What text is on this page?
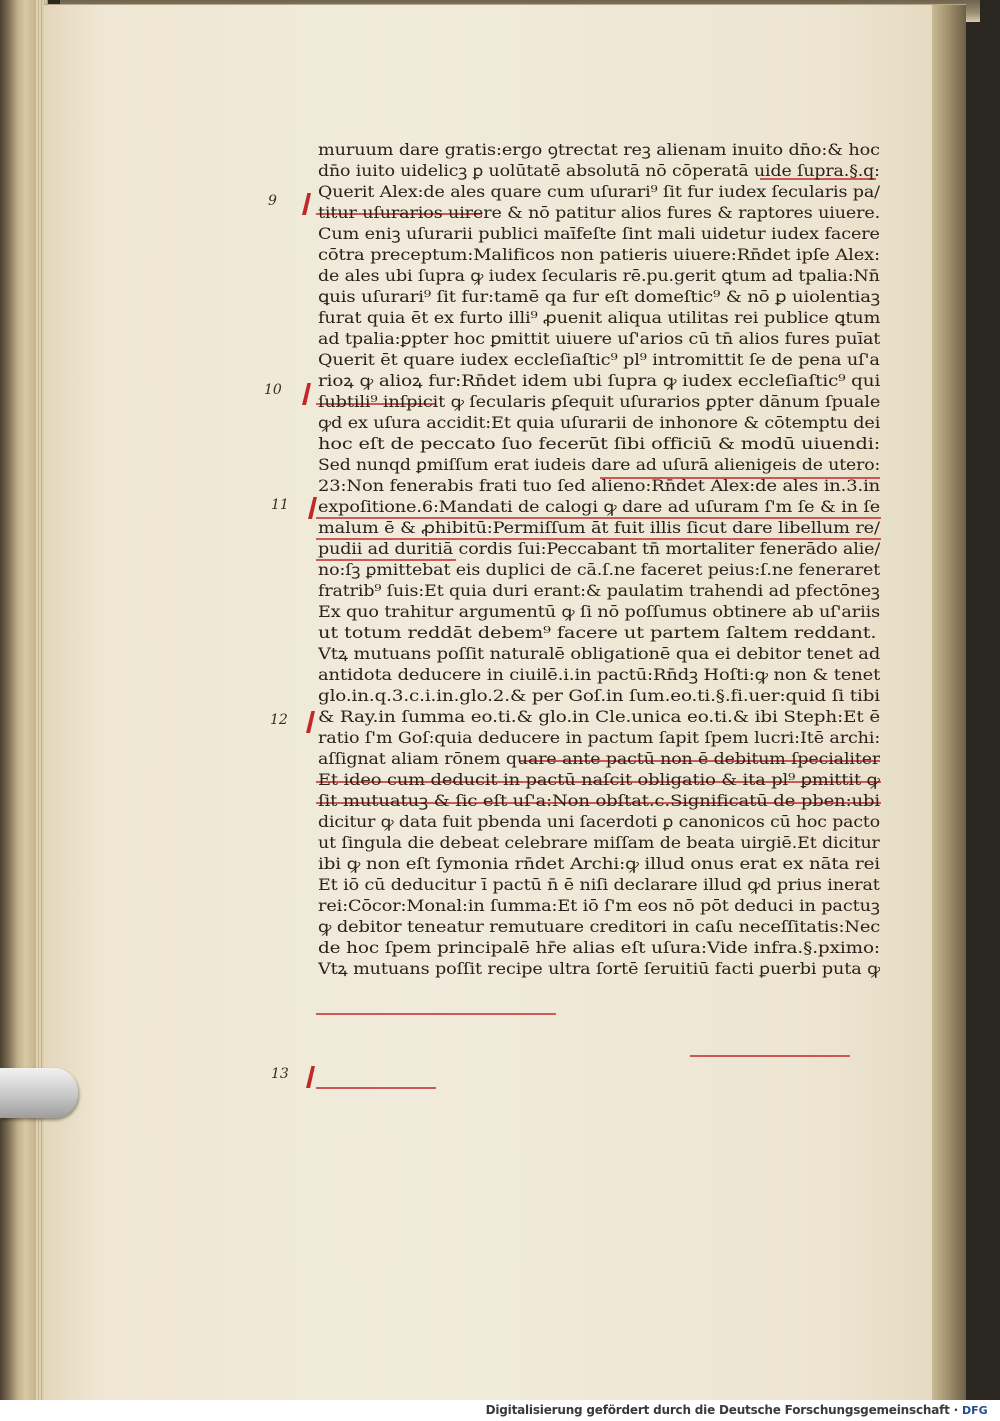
9
10
11
12
13
muruum dare gratis:ergo ꝯtrectat reꝫ alienam inuito dn̄o:& hoc
dn̄o iuito uidelicꝫ ꝑ uolūtatē absolutā nō cōperatā uide ſupra.§.q:
Querit Alex:de ales quare cum uſurari⁹ ſit fur iudex ſecularis pa/
titur uſurarios uirere & nō patitur alios fures & raptores uiuere.
Cum eniꝫ uſurarii publici maīfeſte ſint mali uidetur iudex facere
cōtra preceptum:Malificos non patieris uiuere:Rn̄det ipſe Alex:
de ales ubi ſupra ꝙ iudex ſecularis rē.pu.gerit ꝗtum ad tpalia:Nn̄
ꝗuis uſurari⁹ ſit fur:tamē qa fur eſt domeſtic⁹ & nō ꝑ uiolentiaꝫ
furat quia ēt ex furto illi⁹ ꝓuenit aliqua utilitas rei publice ꝗtum
ad tpalia:ꝑpter hoc ꝑmittit uiuere uſ'arios cū tn̄ alios fures puīat
Querit ēt quare iudex eccleſiaſtic⁹ pl⁹ intromittit ſe de pena uſ'a
rioꝝ ꝙ alioꝝ fur:Rn̄det idem ubi ſupra ꝙ iudex eccleſiaſtic⁹ qui
ſubtili⁹ inſpicit ꝙ ſecularis ꝑſequit uſurarios ꝑpter dānum ſpuale
ꝙd ex uſura accidit:Et quia uſurarii de inhonore & cōtemptu dei
hoc eſt de peccato ſuo fecerūt ſibi officiū & modū uiuendi:
Sed nunqd ꝑmiſſum erat iudeis dare ad uſurā alienigeis de utero:
23:Non fenerabis frati tuo ſed alieno:Rn̄det Alex:de ales in.3.in
expoſitione.6:Mandati de calogi ꝙ dare ad uſuram ſ'm ſe & in ſe
malum ē & ꝓhibitū:Permiſſum āt fuit illis ſicut dare libellum re/
pudii ad duritiā cordis ſui:Peccabant tn̄ mortaliter fenerādo alie/
no:ſꝫ ꝑmittebat eis duplici de cā.ſ.ne faceret peius:ſ.ne feneraret
fratrib⁹ ſuis:Et quia duri erant:& paulatim trahendi ad pfectōneꝫ
Ex quo trahitur argumentū ꝙ ſi nō poſſumus obtinere ab uſ'ariis
ut totum reddāt debem⁹ facere ut partem ſaltem reddant.
Vtꝝ mutuans poſſit naturalē obligationē qua ei debitor tenet ad
antidota deducere in ciuilē.i.in pactū:Rn̄dꝫ Hoſti:ꝙ non & tenet
glo.in.q.3.c.i.in.glo.2.& per Goſ.in ſum.eo.ti.§.fi.uer:quid ſi tibi
& Ray.in ſumma eo.ti.& glo.in Cle.unica eo.ti.& ibi Steph:Et ē
ratio ſ'm Goſ:quia deducere in pactum ſapit ſpem lucri:Itē archi:
aſſignat aliam rōnem quare ante pactū non ē debitum ſpecialiter
Et ideo cum deducit in pactū naſcit obligatio & ita pl⁹ ꝑmittit ꝙ
ſit mutuatuꝫ & ſic eſt uſ'a:Non obſtat.c.Significatū de pben:ubi
dicitur ꝙ data fuit pbenda uni ſacerdoti ꝑ canonicos cū hoc pacto
ut ſingula die debeat celebrare miſſam de beata uirgiē.Et dicitur
ibi ꝙ non eſt ſymonia rn̄det Archi:ꝙ illud onus erat ex nāta rei
Et iō cū deducitur ī pactū n̄ ē niſi declarare illud ꝙd prius inerat
rei:Cōcor:Monal:in ſumma:Et iō ſ'm eos nō pōt deduci in pactuꝫ
ꝙ debitor teneatur remutuare creditori in caſu neceſſitatis:Nec
de hoc ſpem principalē hr̄e alias eſt uſura:Vide infra.§.pximo:
Vtꝝ mutuans poſſit recipe ultra ſortē ſeruitiū facti ꝑuerbi puta ꝙ
Digitalisierung gefördert durch die Deutsche Forschungsgemeinschaft · DFG
